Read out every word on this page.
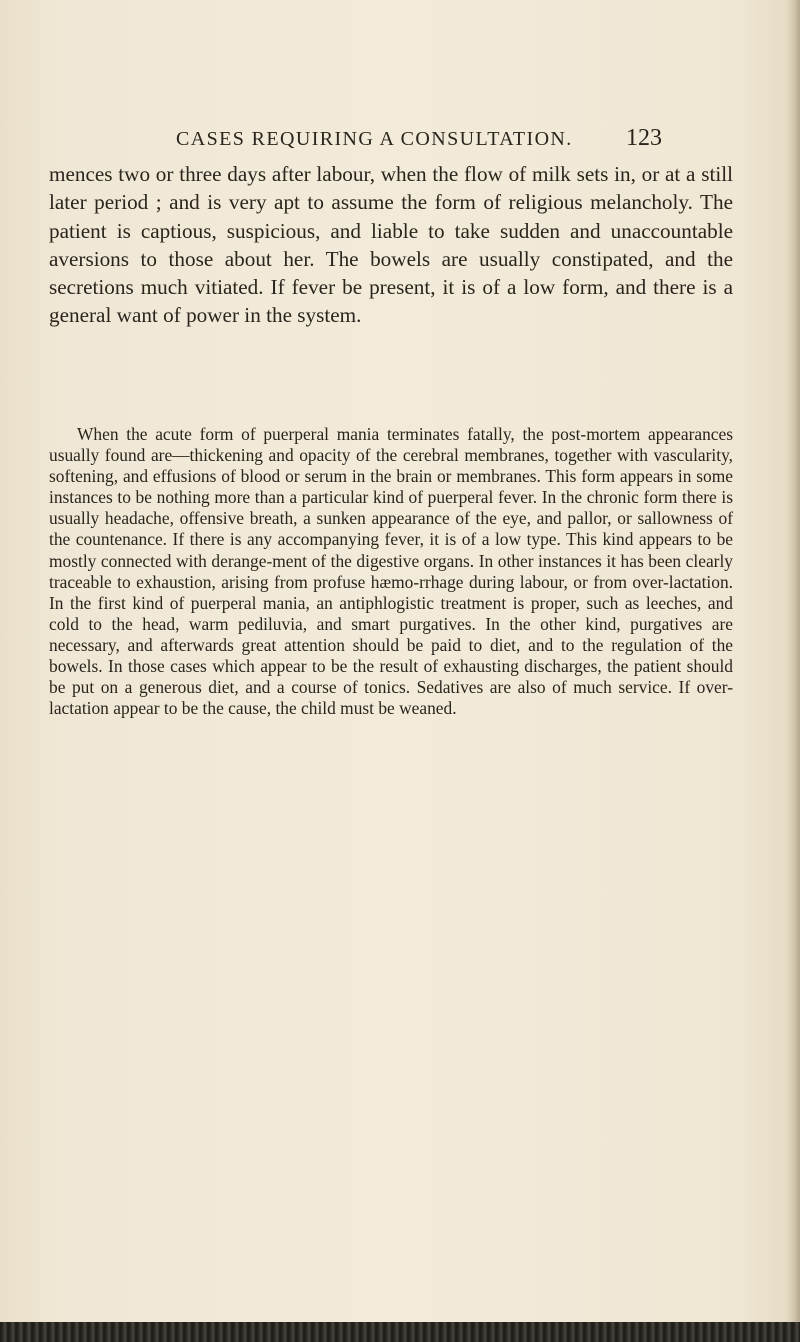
CASES REQUIRING A CONSULTATION. 123

mences two or three days after labour, when the flow of milk sets in, or at a still later period ; and is very apt to assume the form of religious melancholy. The patient is captious, suspicious, and liable to take sudden and unaccountable aversions to those about her. The bowels are usually constipated, and the secretions much vitiated. If fever be present, it is of a low form, and there is a general want of power in the system.

When the acute form of puerperal mania terminates fatally, the post-mortem appearances usually found are—thickening and opacity of the cerebral membranes, together with vascularity, softening, and effusions of blood or serum in the brain or membranes. This form appears in some instances to be nothing more than a particular kind of puerperal fever. In the chronic form there is usually headache, offensive breath, a sunken appearance of the eye, and pallor, or sallowness of the countenance. If there is any accompanying fever, it is of a low type. This kind appears to be mostly connected with derange-ment of the digestive organs. In other instances it has been clearly traceable to exhaustion, arising from profuse hæmo-rrhage during labour, or from over-lactation. In the first kind of puerperal mania, an antiphlogistic treatment is proper, such as leeches, and cold to the head, warm pediluvia, and smart purgatives. In the other kind, purgatives are necessary, and afterwards great attention should be paid to diet, and to the regulation of the bowels. In those cases which appear to be the result of exhausting discharges, the patient should be put on a generous diet, and a course of tonics. Sedatives are also of much service. If over-lactation appear to be the cause, the child must be weaned.
